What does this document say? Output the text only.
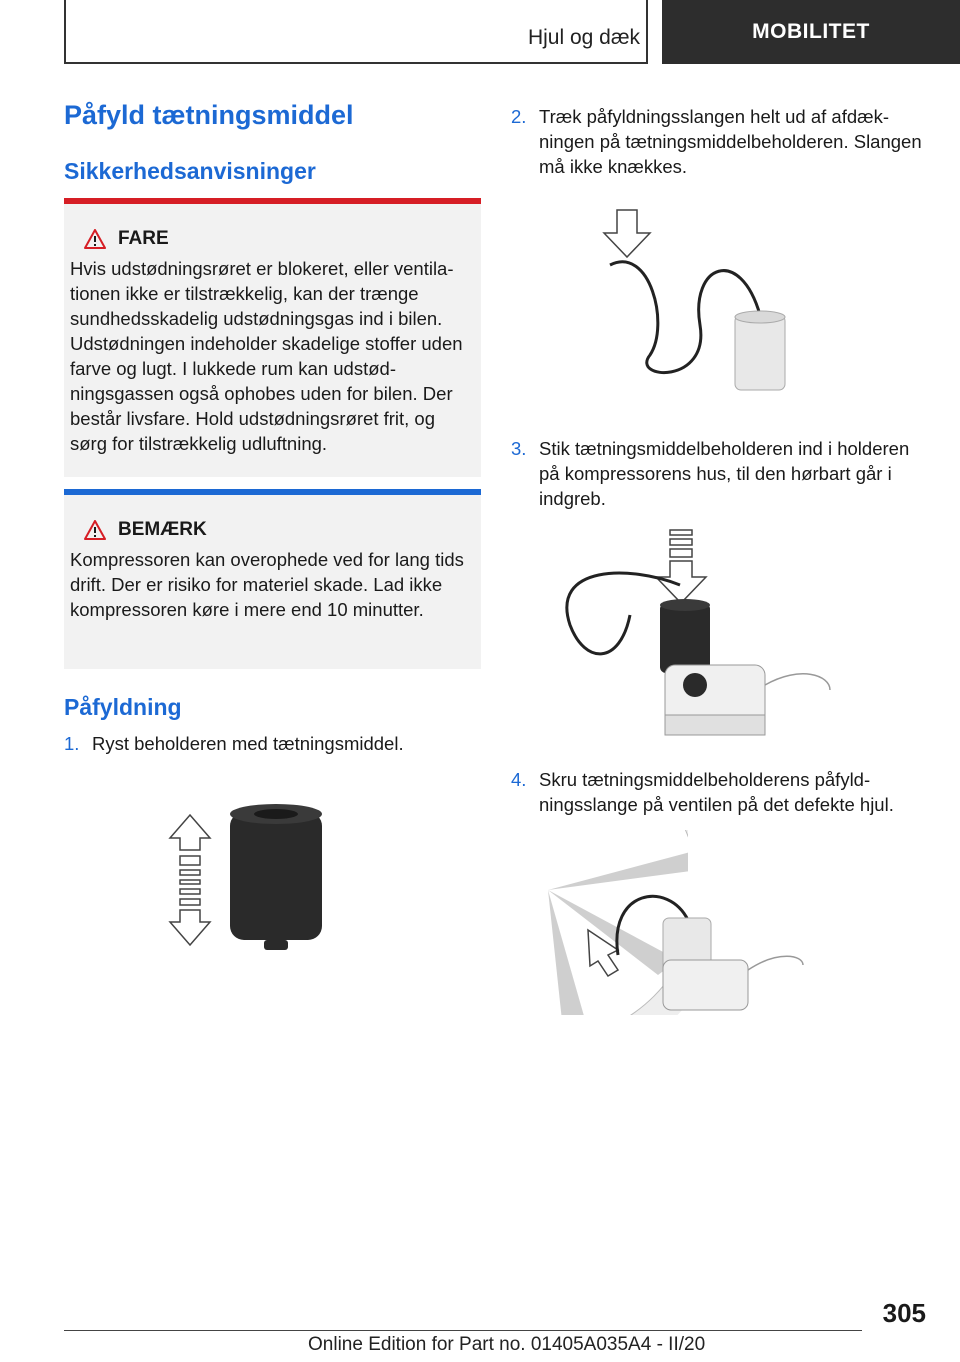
Hjul og dæk	MOBILITET
Påfyld tætningsmiddel
Sikkerhedsanvisninger
FARE

Hvis udstødningsrøret er blokeret, eller ventilationen ikke er tilstrækkelig, kan der trænge sundhedsskadelig udstødningsgas ind i bilen. Udstødningen indeholder skadelige stoffer uden farve og lugt. I lukkede rum kan udstødningsgassen også ophobes uden for bilen. Der består livsfare. Hold udstødningsrøret frit, og sørg for tilstrækkelig udluftning.

BEMÆRK

Kompressoren kan overophede ved for lang tids drift. Der er risiko for materiel skade. Lad ikke kompressoren køre i mere end 10 minutter.

Påfyldning
1. Ryst beholderen med tætningsmiddel.

2. Træk påfyldningsslangen helt ud af afdækningen på tætningsmiddelbeholderen. Slangen må ikke knækkes.

3. Stik tætningsmiddelbeholderen ind i holderen på kompressorens hus, til den hørbart går i indgreb.

4. Skru tætningsmiddelbeholderens påfyldningsslange på ventilen på det defekte hjul.

305
Online Edition for Part no. 01405A035A4 - II/20
